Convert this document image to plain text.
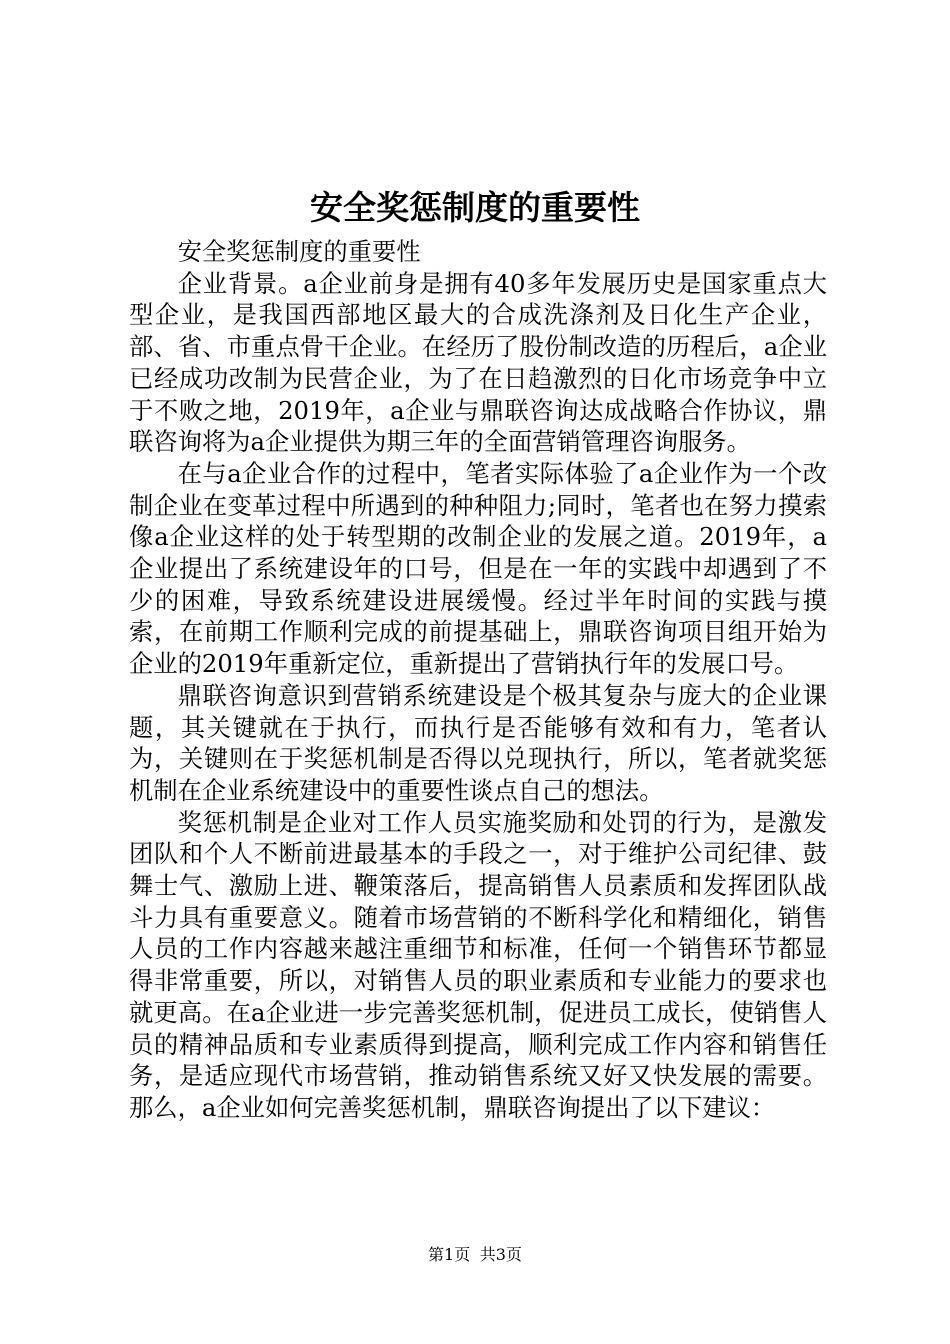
安全奖惩制度的重要性

安全奖惩制度的重要性

企业背景。a企业前身是拥有40多年发展历史是国家重点大型企业，是我国西部地区最大的合成洗涤剂及日化生产企业，部、省、市重点骨干企业。在经历了股份制改造的历程后，a企业已经成功改制为民营企业，为了在日趋激烈的日化市场竞争中立于不败之地，2019年，a企业与鼎联咨询达成战略合作协议，鼎联咨询将为a企业提供为期三年的全面营销管理咨询服务。

在与a企业合作的过程中，笔者实际体验了a企业作为一个改制企业在变革过程中所遇到的种种阻力;同时，笔者也在努力摸索像a企业这样的处于转型期的改制企业的发展之道。2019年，a企业提出了系统建设年的口号，但是在一年的实践中却遇到了不少的困难，导致系统建设进展缓慢。经过半年时间的实践与摸索，在前期工作顺利完成的前提基础上，鼎联咨询项目组开始为企业的2019年重新定位，重新提出了营销执行年的发展口号。

鼎联咨询意识到营销系统建设是个极其复杂与庞大的企业课题，其关键就在于执行，而执行是否能够有效和有力，笔者认为，关键则在于奖惩机制是否得以兑现执行，所以，笔者就奖惩机制在企业系统建设中的重要性谈点自己的想法。

奖惩机制是企业对工作人员实施奖励和处罚的行为，是激发团队和个人不断前进最基本的手段之一，对于维护公司纪律、鼓舞士气、激励上进、鞭策落后，提高销售人员素质和发挥团队战斗力具有重要意义。随着市场营销的不断科学化和精细化，销售人员的工作内容越来越注重细节和标准，任何一个销售环节都显得非常重要，所以，对销售人员的职业素质和专业能力的要求也就更高。在a企业进一步完善奖惩机制，促进员工成长，使销售人员的精神品质和专业素质得到提高，顺利完成工作内容和销售任务，是适应现代市场营销，推动销售系统又好又快发展的需要。那么，a企业如何完善奖惩机制，鼎联咨询提出了以下建议：

第1页 共3页
